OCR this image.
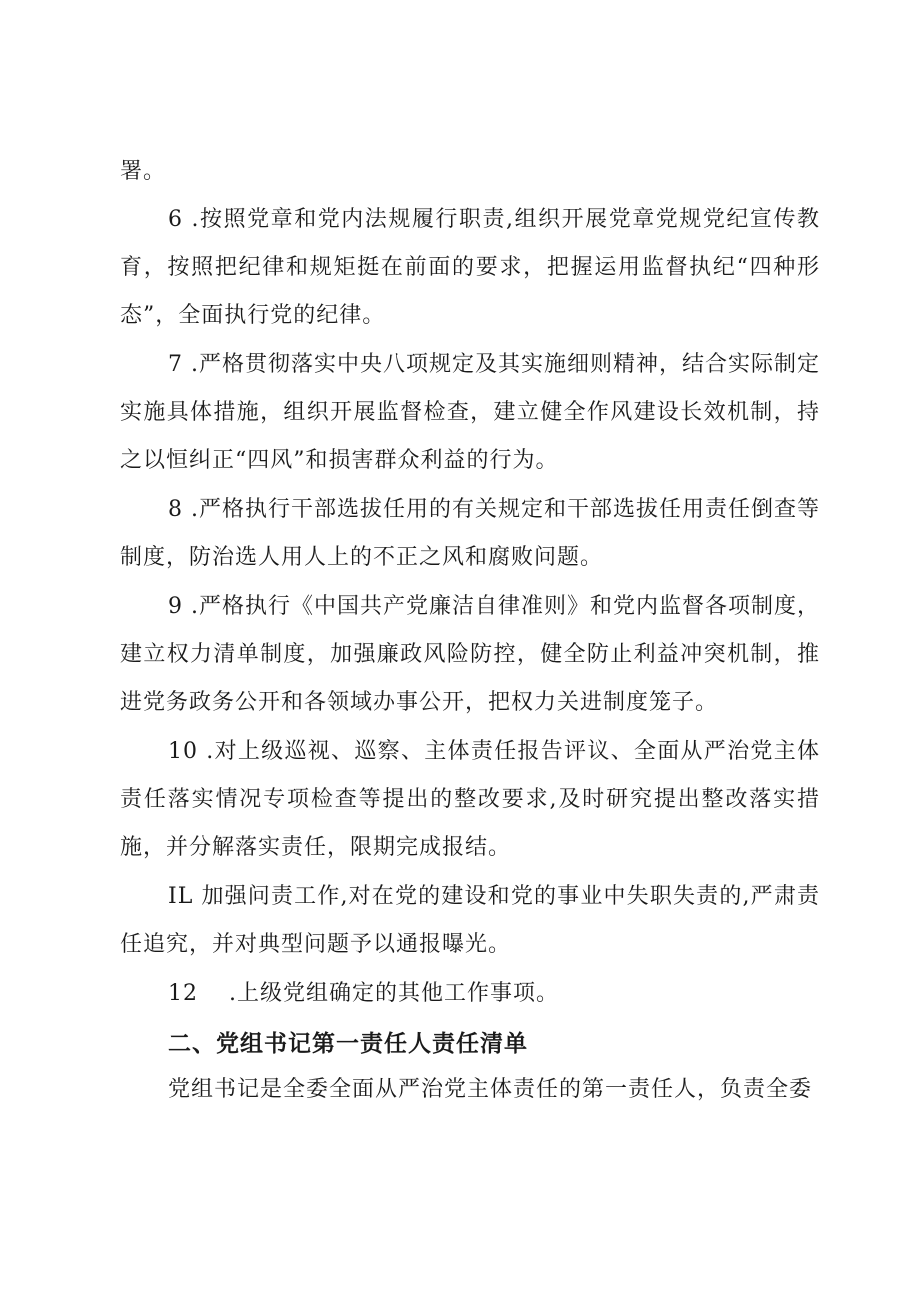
署。

6 .按照党章和党内法规履行职责,组织开展党章党规党纪宣传教育，按照把纪律和规矩挺在前面的要求，把握运用监督执纪“四种形态”，全面执行党的纪律。

7 .严格贯彻落实中央八项规定及其实施细则精神，结合实际制定实施具体措施，组织开展监督检查，建立健全作风建设长效机制，持之以恒纠正“四风”和损害群众利益的行为。

8 .严格执行干部选拔任用的有关规定和干部选拔任用责任倒查等制度，防治选人用人上的不正之风和腐败问题。

9 .严格执行《中国共产党廉洁自律准则》和党内监督各项制度，建立权力清单制度，加强廉政风险防控，健全防止利益冲突机制，推进党务政务公开和各领域办事公开，把权力关进制度笼子。

10 .对上级巡视、巡察、主体责任报告评议、全面从严治党主体责任落实情况专项检查等提出的整改要求,及时研究提出整改落实措施，并分解落实责任，限期完成报结。

IL 加强问责工作,对在党的建设和党的事业中失职失责的,严肃责任追究，并对典型问题予以通报曝光。

12　 .上级党组确定的其他工作事项。

二、党组书记第一责任人责任清单

党组书记是全委全面从严治党主体责任的第一责任人，负责全委
